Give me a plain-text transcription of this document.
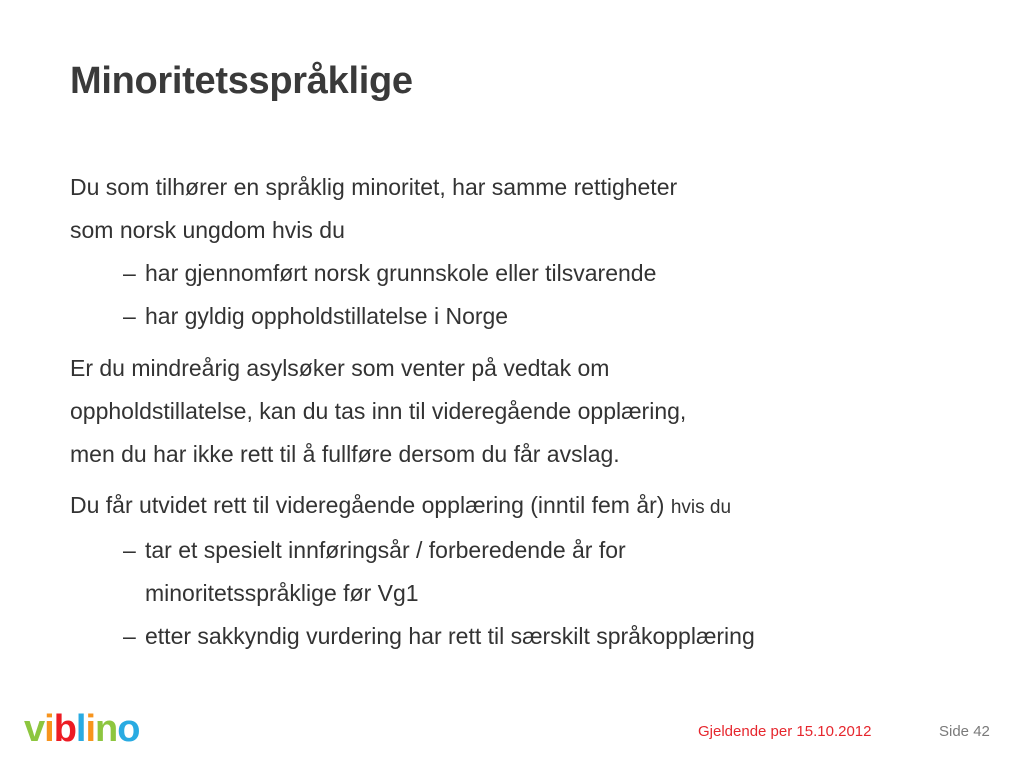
Minoritetsspråklige
Du som tilhører en språklig minoritet, har samme rettigheter
som norsk ungdom hvis du
– har gjennomført norsk grunnskole eller tilsvarende
– har gyldig oppholdstillatelse i Norge
Er du mindreårig asylsøker som venter på vedtak om
oppholdstillatelse, kan du tas inn til videregående opplæring,
men du har ikke rett til å fullføre dersom du får avslag.
Du får utvidet rett til videregående opplæring (inntil fem år) hvis du
– tar et spesielt innføringsår / forberedende år for
minoritetsspråklige før Vg1
– etter sakkyndig vurdering har rett til særskilt språkopplæring
viblino	Gjeldende per 15.10.2012	Side 42
